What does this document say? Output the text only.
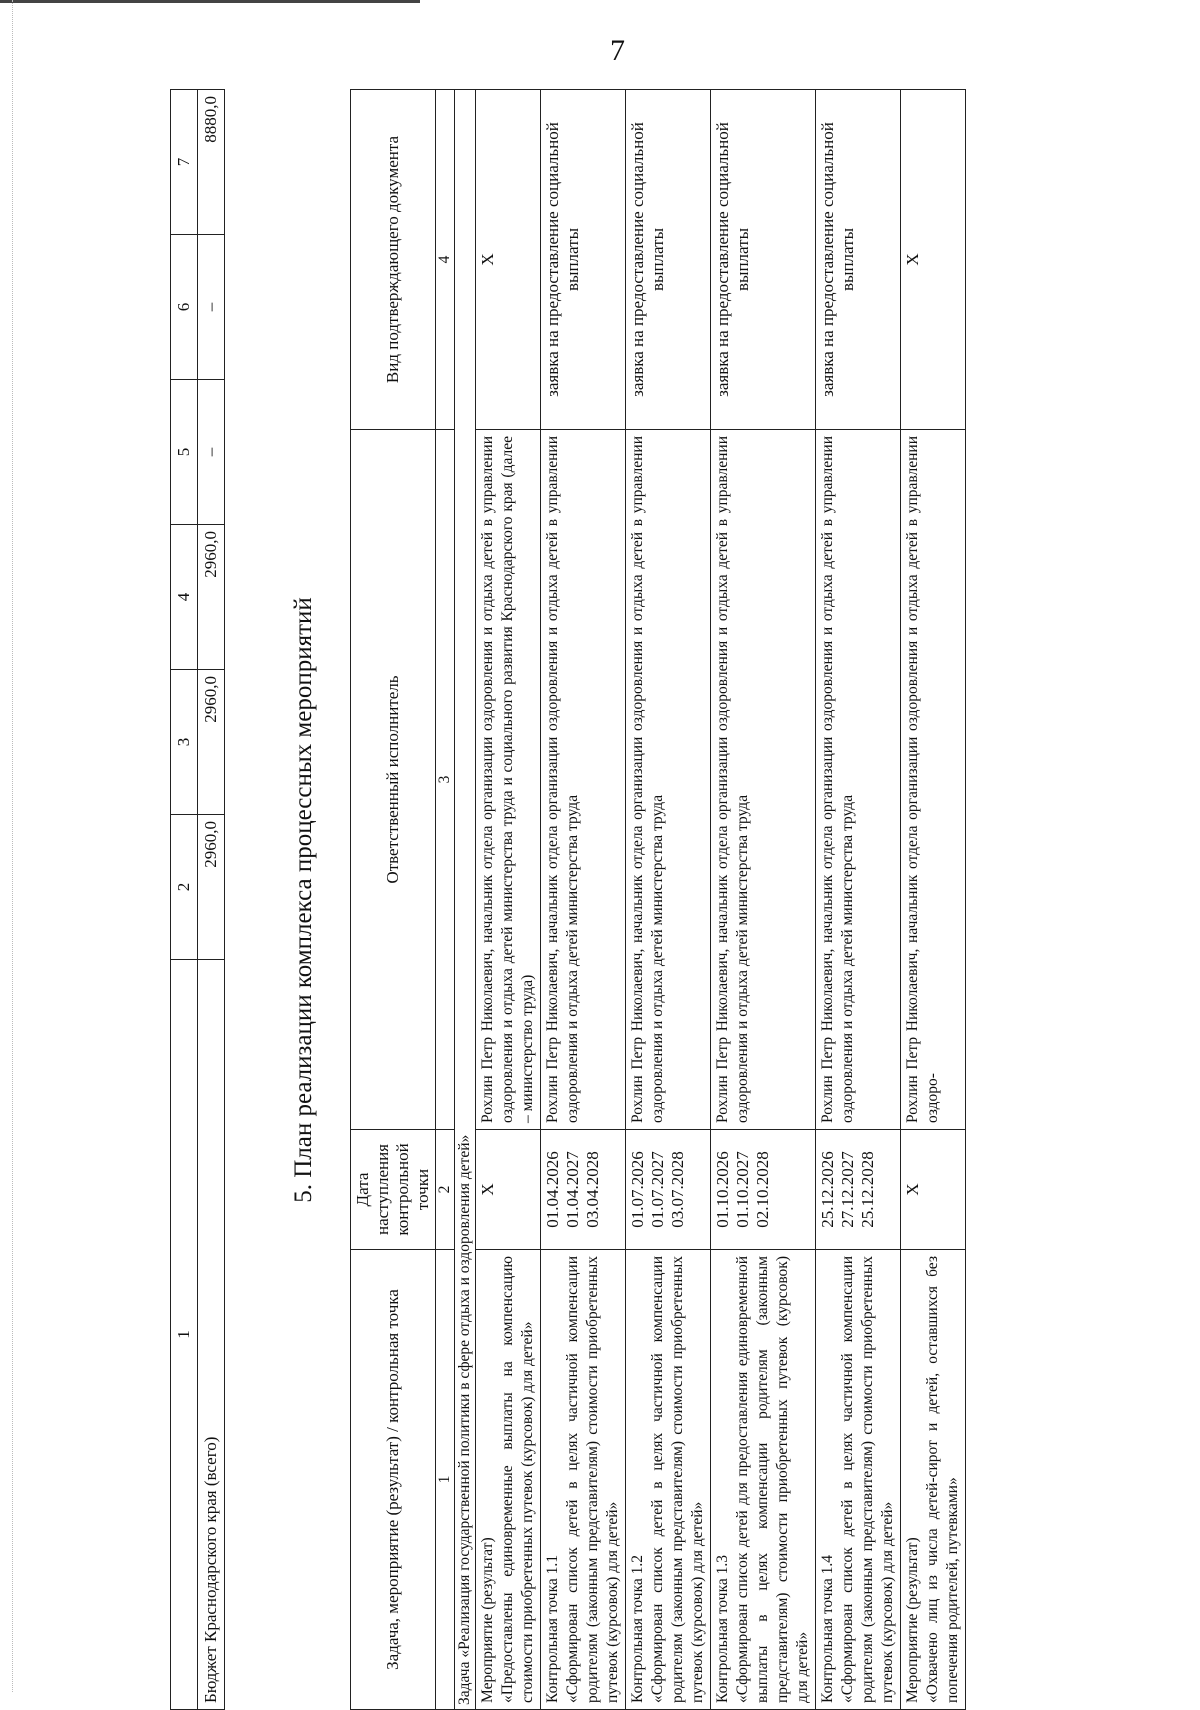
7
1	2	3	4	5	6	7
Бюджет Краснодарского края (всего)	2960,0	2960,0	2960,0	–	–	8880,0
5. План реализации комплекса процессных мероприятий
Задача, мероприятие (результат) / контрольная точка	Дата наступления контрольной точки	Ответственный исполнитель	Вид подтверждающего документа
1	2	3	4
Задача «Реализация государственной политики в сфере отдыха и оздоровления детей»			

Мероприятие (результат) «Предоставлены единовременные выплаты на компенсацию стоимости приобретенных путевок (курсовок) для детей»	Х	Рохлин Петр Николаевич, начальник отдела организации оздоровления и отдыха детей в управлении оздоровления и отдыха детей министерства труда и социального развития Краснодарского края (далее – министерство труда)	Х

Контрольная точка 1.1 «Сформирован список детей в целях частичной компенсации родителям (законным представителям) стоимости приобретенных путевок (курсовок) для детей»	01.04.2026 01.04.2027 03.04.2028	Рохлин Петр Николаевич, начальник отдела организации оздоровления и отдыха детей в управлении оздоровления и отдыха детей министерства труда	заявка на предоставление социальной выплаты

Контрольная точка 1.2 «Сформирован список детей в целях частичной компенсации родителям (законным представителям) стоимости приобретенных путевок (курсовок) для детей»	01.07.2026 01.07.2027 03.07.2028	Рохлин Петр Николаевич, начальник отдела организации оздоровления и отдыха детей в управлении оздоровления и отдыха детей министерства труда	заявка на предоставление социальной выплаты

Контрольная точка 1.3 «Сформирован список детей для предоставления единовременной выплаты в целях компенсации родителям (законным представителям) стоимости приобретенных путевок (курсовок) для детей»	01.10.2026 01.10.2027 02.10.2028	Рохлин Петр Николаевич, начальник отдела организации оздоровления и отдыха детей в управлении оздоровления и отдыха детей министерства труда	заявка на предоставление социальной выплаты

Контрольная точка 1.4 «Сформирован список детей в целях частичной компенсации родителям (законным представителям) стоимости приобретенных путевок (курсовок) для детей»	25.12.2026 27.12.2027 25.12.2028	Рохлин Петр Николаевич, начальник отдела организации оздоровления и отдыха детей в управлении оздоровления и отдыха детей министерства труда	заявка на предоставление социальной выплаты

Мероприятие (результат) «Охвачено лиц из числа детей-сирот и детей, оставшихся без попечения родителей, путевками»	Х	Рохлин Петр Николаевич, начальник отдела организации оздоровления и отдыха детей в управлении оздоро-	Х
